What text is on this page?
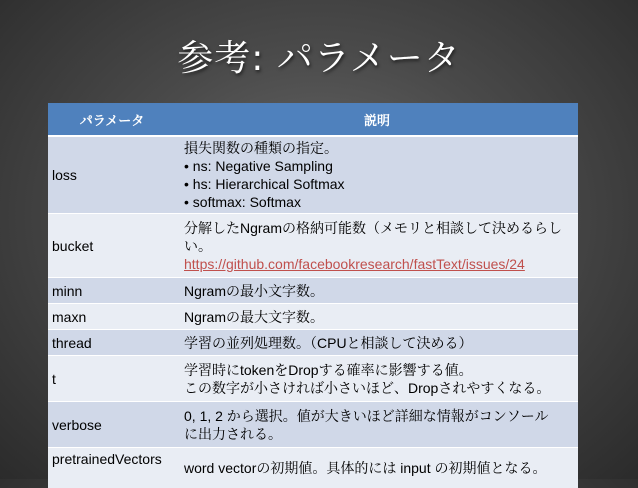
参考: パラメータ
パラメータ	説明
loss	損失関数の種類の指定。
• ns: Negative Sampling
• hs: Hierarchical Softmax
• softmax: Softmax

bucket	分解したNgramの格納可能数（メモリと相談して決めるらし
い。
https://github.com/facebookresearch/fastText/issues/24

minn	Ngramの最小文字数。
maxn	Ngramの最大文字数。
thread	学習の並列処理数。（CPUと相談して決める）
t	学習時にtokenをDropする確率に影響する値。
この数字が小さければ小さいほど、Dropされやすくなる。

verbose	0, 1, 2 から選択。値が大きいほど詳細な情報がコンソール
に出力される。

pretrainedVectors	word vectorの初期値。具体的には input の初期値となる。
